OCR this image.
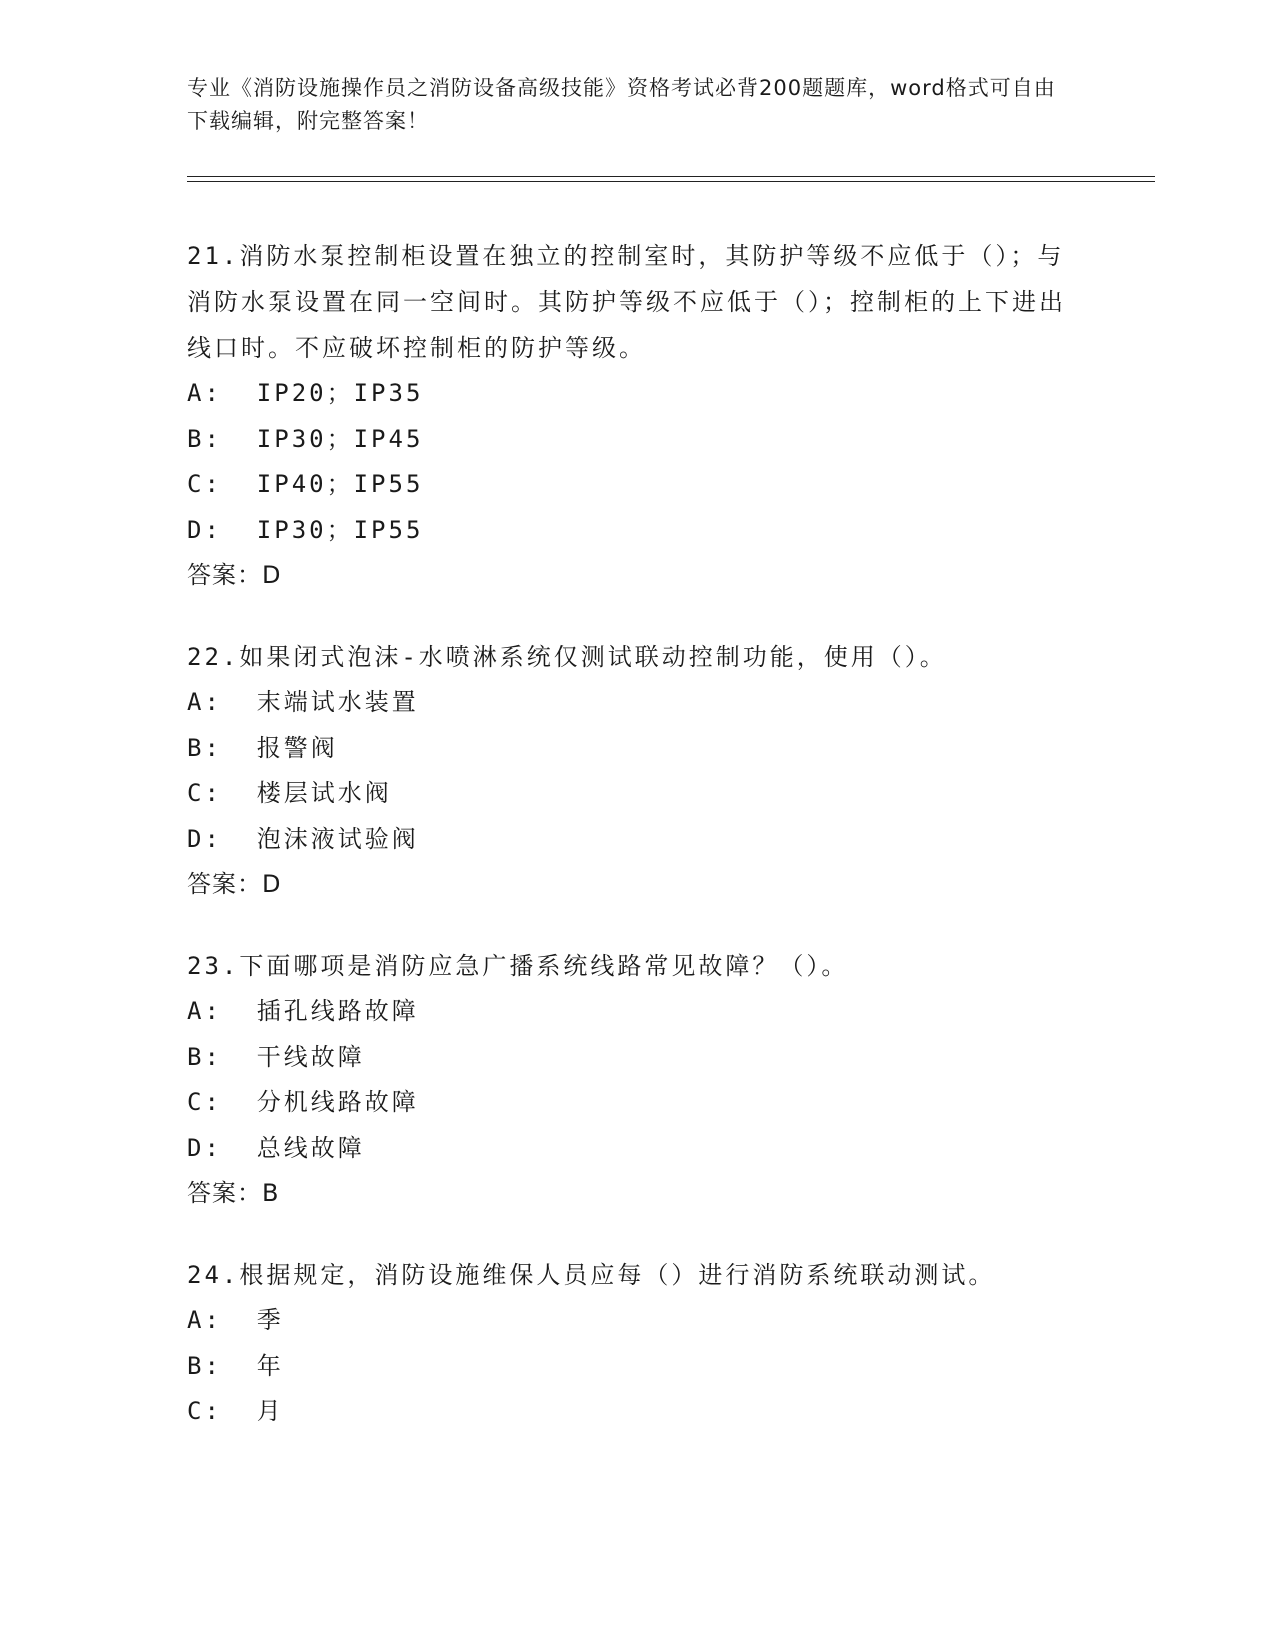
专业《消防设施操作员之消防设备高级技能》资格考试必背200题题库，word格式可自由下载编辑，附完整答案！
21.消防水泵控制柜设置在独立的控制室时，其防护等级不应低于（）；与消防水泵设置在同一空间时。其防护等级不应低于（）；控制柜的上下进出线口时。不应破坏控制柜的防护等级。
A:  IP20；IP35
B:  IP30；IP45
C:  IP40；IP55
D:  IP30；IP55
答案：D
22.如果闭式泡沫-水喷淋系统仅测试联动控制功能，使用（）。
A:  末端试水装置
B:  报警阀
C:  楼层试水阀
D:  泡沫液试验阀
答案：D
23.下面哪项是消防应急广播系统线路常见故障？（）。
A:  插孔线路故障
B:  干线故障
C:  分机线路故障
D:  总线故障
答案：B
24.根据规定，消防设施维保人员应每（）进行消防系统联动测试。
A:  季
B:  年
C:  月
